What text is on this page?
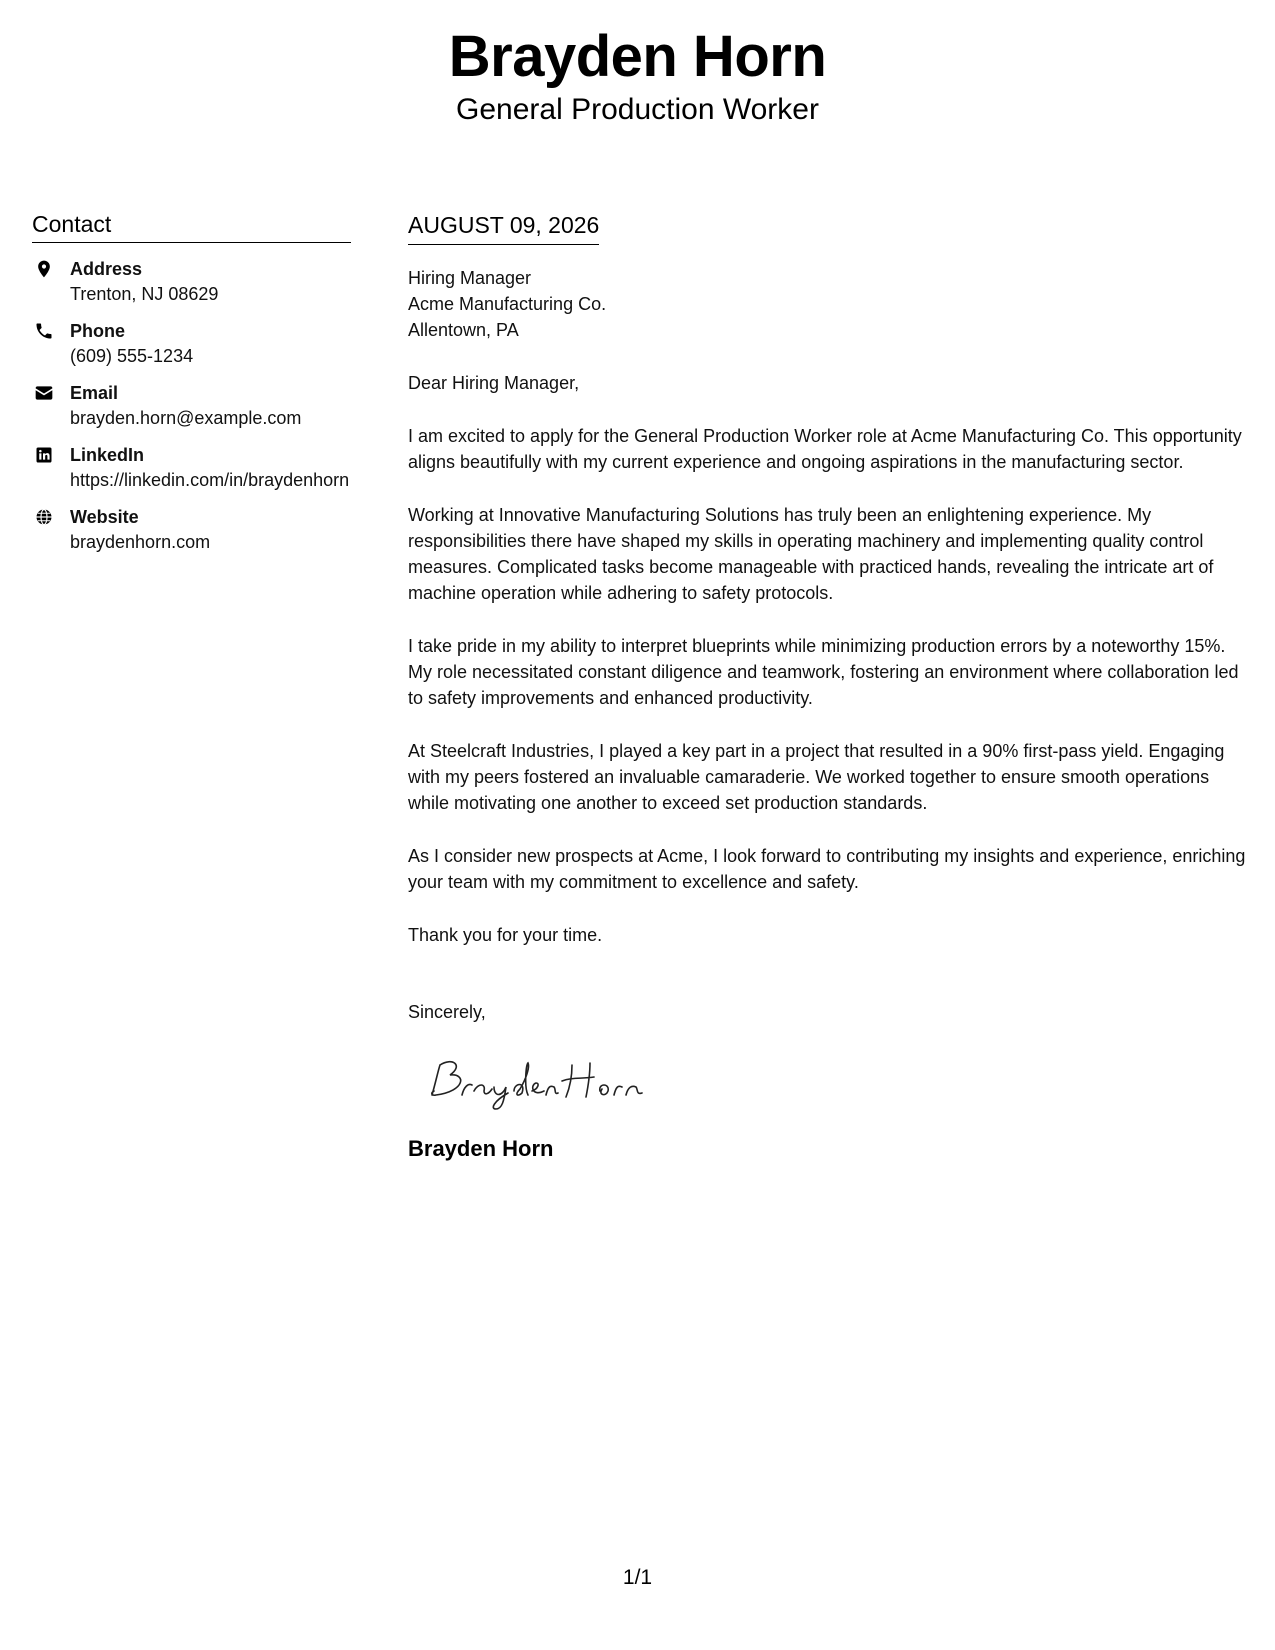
Brayden Horn
General Production Worker
Contact
Address
Trenton, NJ 08629
Phone
(609) 555-1234
Email
brayden.horn@example.com
LinkedIn
https://linkedin.com/in/braydenhorn
Website
braydenhorn.com
AUGUST 09, 2026
Hiring Manager
Acme Manufacturing Co.
Allentown, PA

Dear Hiring Manager,

I am excited to apply for the General Production Worker role at Acme Manufacturing Co. This opportunity aligns beautifully with my current experience and ongoing aspirations in the manufacturing sector.

Working at Innovative Manufacturing Solutions has truly been an enlightening experience. My responsibilities there have shaped my skills in operating machinery and implementing quality control measures. Complicated tasks become manageable with practiced hands, revealing the intricate art of machine operation while adhering to safety protocols.

I take pride in my ability to interpret blueprints while minimizing production errors by a noteworthy 15%. My role necessitated constant diligence and teamwork, fostering an environment where collaboration led to safety improvements and enhanced productivity.

At Steelcraft Industries, I played a key part in a project that resulted in a 90% first-pass yield. Engaging with my peers fostered an invaluable camaraderie. We worked together to ensure smooth operations while motivating one another to exceed set production standards.

As I consider new prospects at Acme, I look forward to contributing my insights and experience, enriching your team with my commitment to excellence and safety.

Thank you for your time.

Sincerely,
Brayden Horn
1/1
